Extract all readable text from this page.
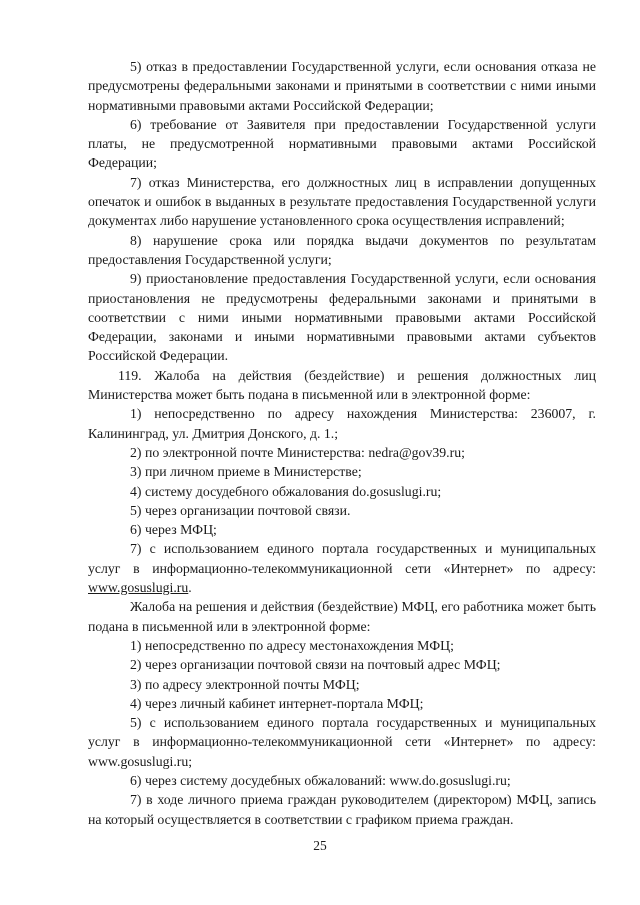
5) отказ в предоставлении Государственной услуги, если основания отказа не предусмотрены федеральными законами и принятыми в соответствии с ними иными нормативными правовыми актами Российской Федерации;

6) требование от Заявителя при предоставлении Государственной услуги платы, не предусмотренной нормативными правовыми актами Российской Федерации;

7) отказ Министерства, его должностных лиц в исправлении допущенных опечаток и ошибок в выданных в результате предоставления Государственной услуги документах либо нарушение установленного срока осуществления исправлений;

8) нарушение срока или порядка выдачи документов по результатам предоставления Государственной услуги;

9) приостановление предоставления Государственной услуги, если основания приостановления не предусмотрены федеральными законами и принятыми в соответствии с ними иными нормативными правовыми актами Российской Федерации, законами и иными нормативными правовыми актами субъектов Российской Федерации.

119. Жалоба на действия (бездействие) и решения должностных лиц Министерства может быть подана в письменной или в электронной форме:

1) непосредственно по адресу нахождения Министерства: 236007, г. Калининград, ул. Дмитрия Донского, д. 1.;

2) по электронной почте Министерства: nedra@gov39.ru;

3) при личном приеме в Министерстве;

4) систему досудебного обжалования do.gosuslugi.ru;

5) через организации почтовой связи.

6) через МФЦ;

7) с использованием единого портала государственных и муниципальных услуг в информационно-телекоммуникационной сети «Интернет» по адресу: www.gosuslugi.ru.

Жалоба на решения и действия (бездействие) МФЦ, его работника может быть подана в письменной или в электронной форме:

1) непосредственно по адресу местонахождения МФЦ;

2) через организации почтовой связи на почтовый адрес МФЦ;

3) по адресу электронной почты МФЦ;

4) через личный кабинет интернет-портала МФЦ;

5) с использованием единого портала государственных и муниципальных услуг в информационно-телекоммуникационной сети «Интернет» по адресу: www.gosuslugi.ru;

6) через систему досудебных обжалований: www.do.gosuslugi.ru;

7) в ходе личного приема граждан руководителем (директором) МФЦ, запись на который осуществляется в соответствии с графиком приема граждан.

25
